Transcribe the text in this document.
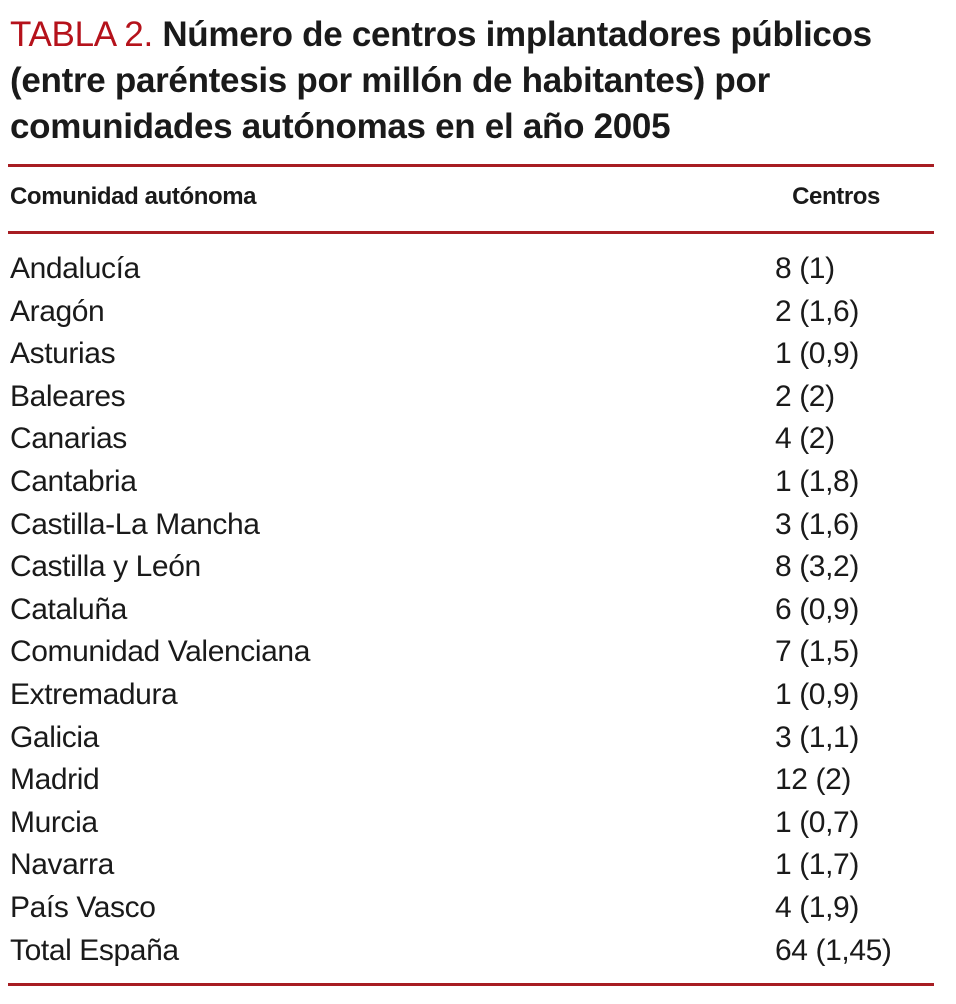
TABLA 2. Número de centros implantadores públicos (entre paréntesis por millón de habitantes) por comunidades autónomas en el año 2005
Comunidad autónoma	Centros
Andalucía	8 (1)
Aragón	2 (1,6)
Asturias	1 (0,9)
Baleares	2 (2)
Canarias	4 (2)
Cantabria	1 (1,8)
Castilla-La Mancha	3 (1,6)
Castilla y León	8 (3,2)
Cataluña	6 (0,9)
Comunidad Valenciana	7 (1,5)
Extremadura	1 (0,9)
Galicia	3 (1,1)
Madrid	12 (2)
Murcia	1 (0,7)
Navarra	1 (1,7)
País Vasco	4 (1,9)
Total España	64 (1,45)
